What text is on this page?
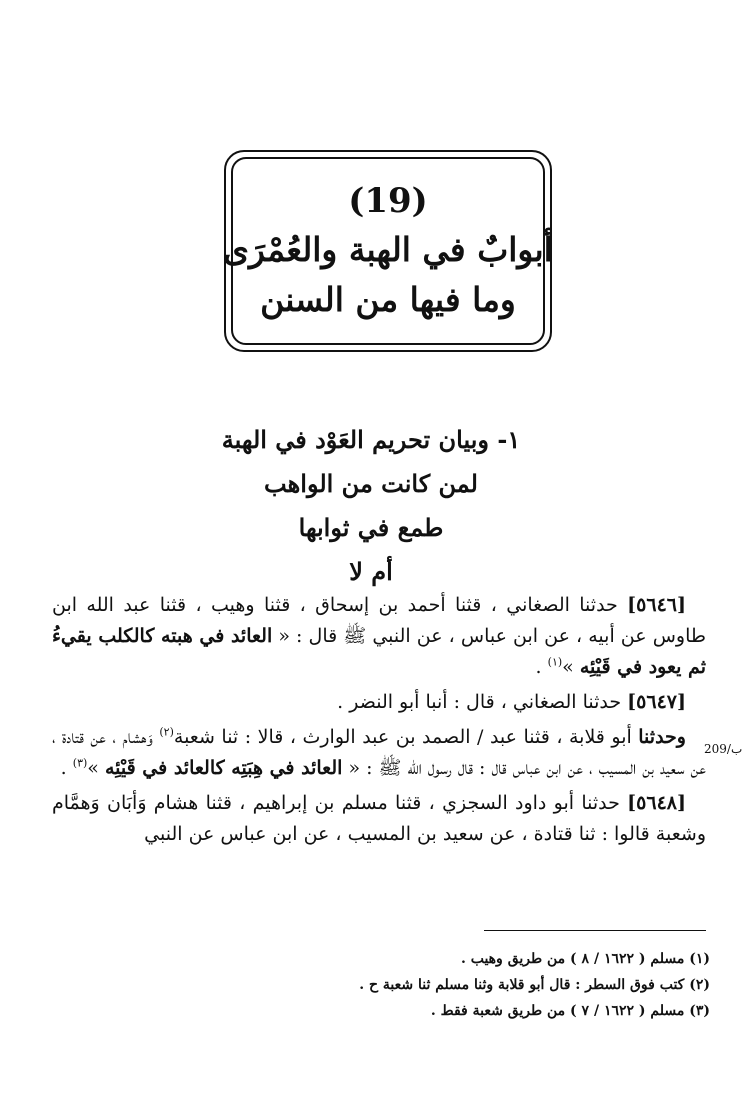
(19)
أبوابٌ في الهبة والعُمْرَى
وما فيها من السنن
١- وبيان تحريم العَوْد في الهبة
لمن كانت من الواهب
طمع في ثوابها
أم لا

[٥٦٤٦] حدثنا الصغاني ، قثنا أحمد بن إسحاق ، قثنا وهيب ، قثنا عبد الله ابن طاوس عن أبيه ، عن ابن عباس ، عن النبي ﷺ قال : « العائد في هبته كالكلب يقيءُ ثم يعود في قَيْئِه »$^{(١)}$ .

[٥٦٤٧] حدثنا الصغاني ، قال : أنبا أبو النضر .

وحدثنا أبو قلابة ، قثنا عبد / الصمد بن عبد الوارث ، قالا : ثنا شعبة$^{(٢)}$ وَهشام ، عن قتادة ، عن سعيد بن المسيب ، عن ابن عباس قال : قال رسول الله ﷺ : « العائد في هِبَتِه كالعائد في قَيْئِه »$^{(٣)}$ .

[٥٦٤٨] حدثنا أبو داود السجزي ، قثنا مسلم بن إبراهيم ، قثنا هشام وَأبَان وَهمَّام وشعبة قالوا : ثنا قتادة ، عن سعيد بن المسيب ، عن ابن عباس عن النبي

209/ب
(١) مسلم ( ١٦٢٢ / ٨ ) من طريق وهيب .
(٢) كتب فوق السطر : قال أبو قلابة وثنا مسلم ثنا شعبة ح .
(٣) مسلم ( ١٦٢٢ / ٧ ) من طريق شعبة فقط .
